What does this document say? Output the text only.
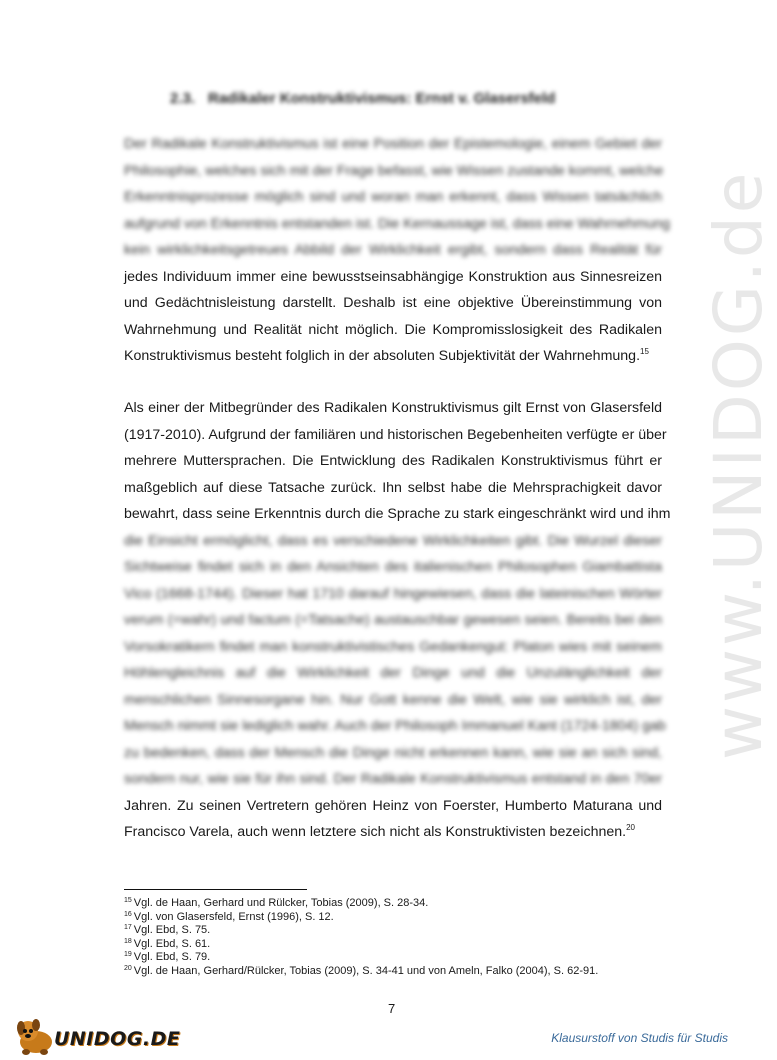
www.UNIDOG.de
2.3. Radikaler Konstruktivismus: Ernst v. Glasersfeld
Der Radikale Konstruktivismus ist eine Position der Epistemologie, einem Gebiet der
Philosophie, welches sich mit der Frage befasst, wie Wissen zustande kommt, welche
Erkenntnisprozesse möglich sind und woran man erkennt, dass Wissen tatsächlich
aufgrund von Erkenntnis entstanden ist. Die Kernaussage ist, dass eine Wahrnehmung
kein wirklichkeitsgetreues Abbild der Wirklichkeit ergibt, sondern dass Realität für
jedes Individuum immer eine bewusstseinsabhängige Konstruktion aus Sinnesreizen
und Gedächtnisleistung darstellt. Deshalb ist eine objektive Übereinstimmung von
Wahrnehmung und Realität nicht möglich. Die Kompromisslosigkeit des Radikalen
Konstruktivismus besteht folglich in der absoluten Subjektivität der Wahrnehmung.$^{15}$
Als einer der Mitbegründer des Radikalen Konstruktivismus gilt Ernst von Glasersfeld
(1917-2010). Aufgrund der familiären und historischen Begebenheiten verfügte er über
mehrere Muttersprachen. Die Entwicklung des Radikalen Konstruktivismus führt er
maßgeblich auf diese Tatsache zurück. Ihn selbst habe die Mehrsprachigkeit davor
bewahrt, dass seine Erkenntnis durch die Sprache zu stark eingeschränkt wird und ihm
die Einsicht ermöglicht, dass es verschiedene Wirklichkeiten gibt. Die Wurzel dieser
Sichtweise findet sich in den Ansichten des italienischen Philosophen Giambattista
Vico (1668-1744). Dieser hat 1710 darauf hingewiesen, dass die lateinischen Wörter
verum (=wahr) und factum (=Tatsache) austauschbar gewesen seien. Bereits bei den
Vorsokratikern findet man konstruktivistisches Gedankengut: Platon wies mit seinem
Höhlengleichnis auf die Wirklichkeit der Dinge und die Unzulänglichkeit der
menschlichen Sinnesorgane hin. Nur Gott kenne die Welt, wie sie wirklich ist, der
Mensch nimmt sie lediglich wahr. Auch der Philosoph Immanuel Kant (1724-1804) gab
zu bedenken, dass der Mensch die Dinge nicht erkennen kann, wie sie an sich sind,
sondern nur, wie sie für ihn sind. Der Radikale Konstruktivismus entstand in den 70er
Jahren. Zu seinen Vertretern gehören Heinz von Foerster, Humberto Maturana und
Francisco Varela, auch wenn letztere sich nicht als Konstruktivisten bezeichnen.$^{20}$
$^{15}$ Vgl. de Haan, Gerhard und Rülcker, Tobias (2009), S. 28-34.
$^{16}$ Vgl. von Glasersfeld, Ernst (1996), S. 12.
$^{17}$ Vgl. Ebd, S. 75.
$^{18}$ Vgl. Ebd, S. 61.
$^{19}$ Vgl. Ebd, S. 79.
$^{20}$ Vgl. de Haan, Gerhard/Rülcker, Tobias (2009), S. 34-41 und von Ameln, Falko (2004), S. 62-91.
7
UNIDOG.DE	Klausurstoff von Studis für Studis
